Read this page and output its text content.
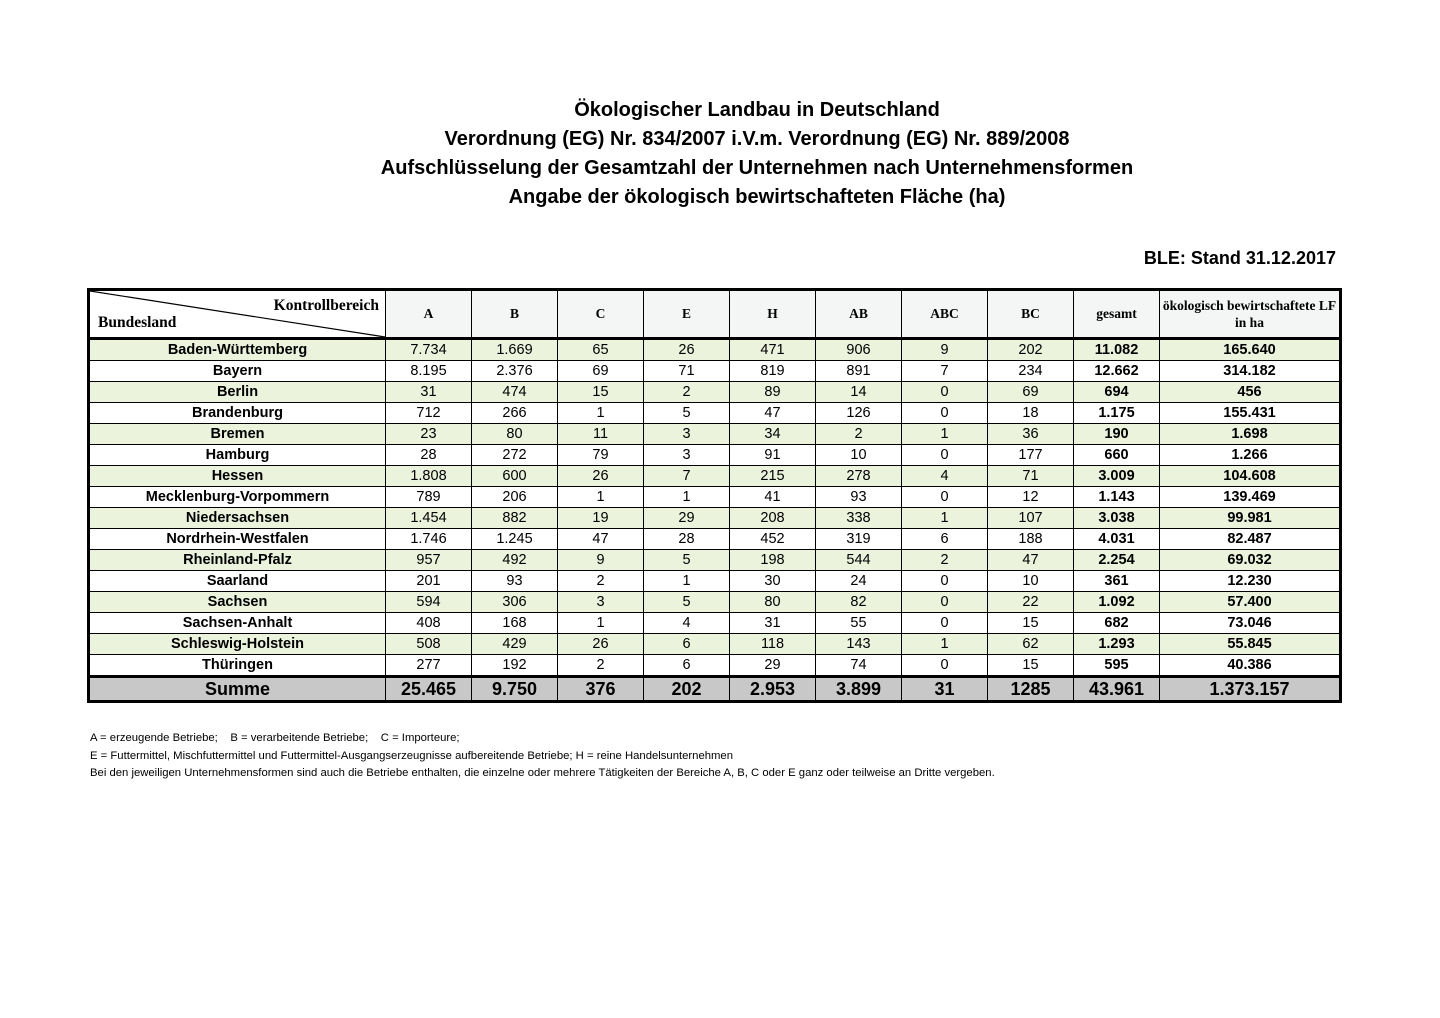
Ökologischer Landbau in Deutschland
Verordnung (EG) Nr. 834/2007 i.V.m. Verordnung (EG) Nr. 889/2008
Aufschlüsselung der Gesamtzahl der Unternehmen nach Unternehmensformen
Angabe der ökologisch bewirtschafteten Fläche (ha)
BLE: Stand 31.12.2017
Kontrollbereich
Bundesland	A	B	C	E	H	AB	ABC	BC	gesamt	ökologisch bewirtschaftete LF in ha
Baden-Württemberg	7.734	1.669	65	26	471	906	9	202	11.082	165.640
Bayern	8.195	2.376	69	71	819	891	7	234	12.662	314.182
Berlin	31	474	15	2	89	14	0	69	694	456
Brandenburg	712	266	1	5	47	126	0	18	1.175	155.431
Bremen	23	80	11	3	34	2	1	36	190	1.698
Hamburg	28	272	79	3	91	10	0	177	660	1.266
Hessen	1.808	600	26	7	215	278	4	71	3.009	104.608
Mecklenburg-Vorpommern	789	206	1	1	41	93	0	12	1.143	139.469
Niedersachsen	1.454	882	19	29	208	338	1	107	3.038	99.981
Nordrhein-Westfalen	1.746	1.245	47	28	452	319	6	188	4.031	82.487
Rheinland-Pfalz	957	492	9	5	198	544	2	47	2.254	69.032
Saarland	201	93	2	1	30	24	0	10	361	12.230
Sachsen	594	306	3	5	80	82	0	22	1.092	57.400
Sachsen-Anhalt	408	168	1	4	31	55	0	15	682	73.046
Schleswig-Holstein	508	429	26	6	118	143	1	62	1.293	55.845
Thüringen	277	192	2	6	29	74	0	15	595	40.386
Summe	25.465	9.750	376	202	2.953	3.899	31	1285	43.961	1.373.157
A = erzeugende Betriebe;    B = verarbeitende Betriebe;    C = Importeure;
E = Futtermittel, Mischfuttermittel und Futtermittel-Ausgangserzeugnisse aufbereitende Betriebe; H = reine Handelsunternehmen
Bei den jeweiligen Unternehmensformen sind auch die Betriebe enthalten, die einzelne oder mehrere Tätigkeiten der Bereiche A, B, C oder E ganz oder teilweise an Dritte vergeben.
